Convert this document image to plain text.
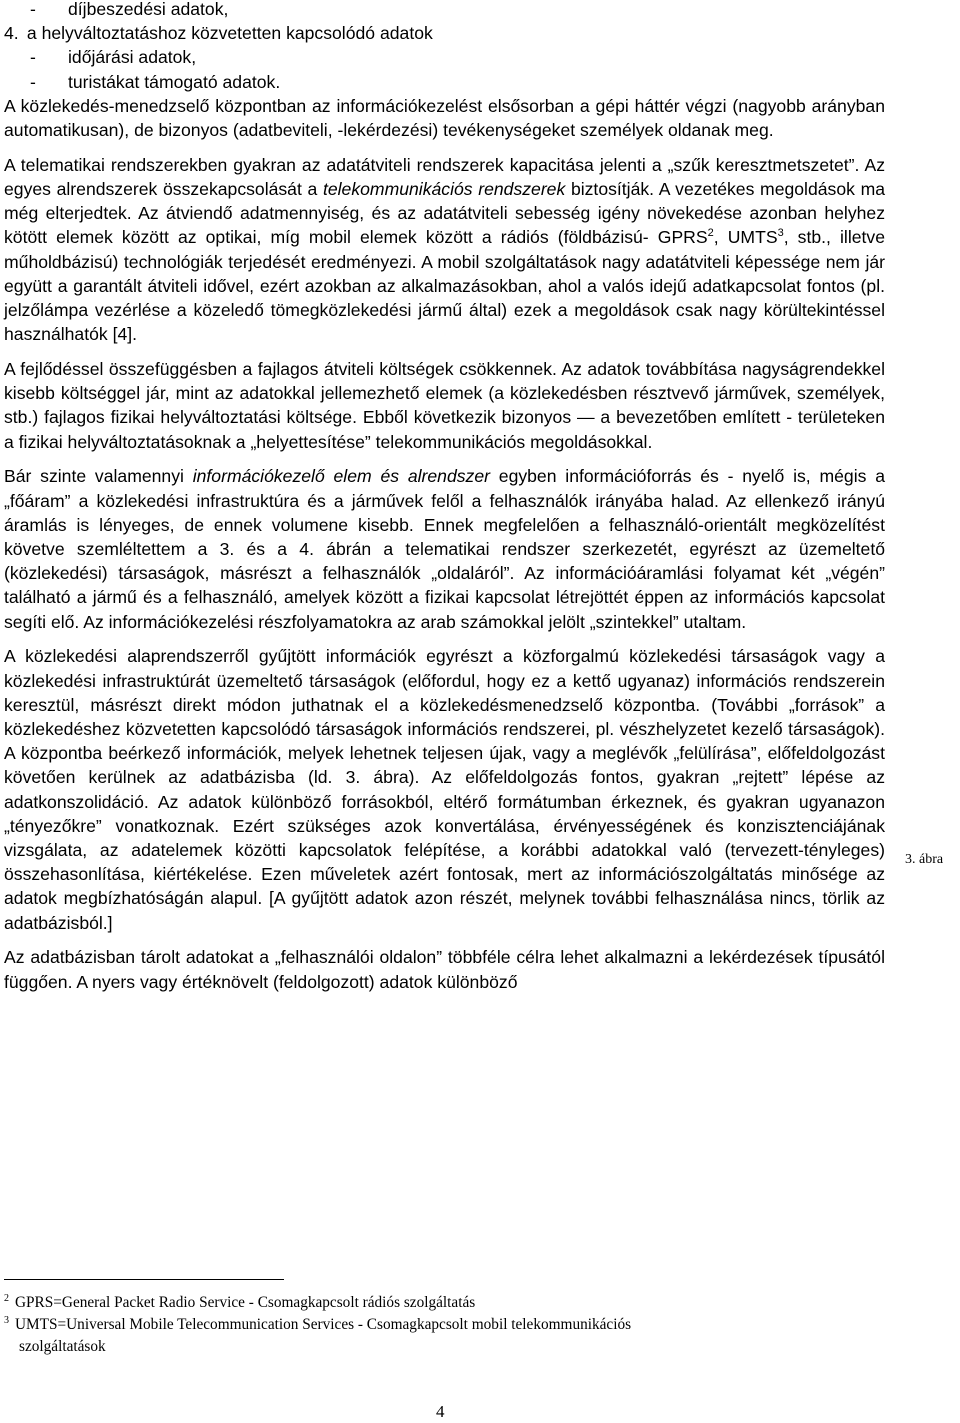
- díjbeszedési adatok,
4. a helyváltoztatáshoz közvetetten kapcsolódó adatok
- időjárási adatok,
- turistákat támogató adatok.

A közlekedés-menedzselő központban az információkezelést elsősorban a gépi háttér végzi (nagyobb arányban automatikusan), de bizonyos (adatbeviteli, -lekérdezési) tevékenységeket személyek oldanak meg.

A telematikai rendszerekben gyakran az adatátviteli rendszerek kapacitása jelenti a „szűk keresztmetszetet”. Az egyes alrendszerek összekapcsolását a telekommunikációs rendszerek biztosítják. A vezetékes megoldások ma még elterjedtek. Az átviendő adatmennyiség, és az adatátviteli sebesség igény növekedése azonban helyhez kötött elemek között az optikai, míg mobil elemek között a rádiós (földbázisú- GPRS$^2$, UMTS$^3$, stb., illetve műholdbázisú) technológiák terjedését eredményezi. A mobil szolgáltatások nagy adatátviteli képessége nem jár együtt a garantált átviteli idővel, ezért azokban az alkalmazásokban, ahol a valós idejű adatkapcsolat fontos (pl. jelzőlámpa vezérlése a közeledő tömegközlekedési jármű által) ezek a megoldások csak nagy körültekintéssel használhatók [4].

A fejlődéssel összefüggésben a fajlagos átviteli költségek csökkennek. Az adatok továbbítása nagyságrendekkel kisebb költséggel jár, mint az adatokkal jellemezhető elemek (a közlekedésben résztvevő járművek, személyek, stb.) fajlagos fizikai helyváltoztatási költsége. Ebből következik bizonyos — a bevezetőben említett - területeken a fizikai helyváltoztatásoknak a „helyettesítése” telekommunikációs megoldásokkal.

Bár szinte valamennyi információkezelő elem és alrendszer egyben információforrás és - nyelő is, mégis a „főáram” a közlekedési infrastruktúra és a járművek felől a felhasználók irányába halad. Az ellenkező irányú áramlás is lényeges, de ennek volumene kisebb. Ennek megfelelően a felhasználó-orientált megközelítést követve szemléltettem a 3. és a 4. ábrán a telematikai rendszer szerkezetét, egyrészt az üzemeltető (közlekedési) társaságok, másrészt a felhasználók „oldaláról”. Az információáramlási folyamat két „végén” található a jármű és a felhasználó, amelyek között a fizikai kapcsolat létrejöttét éppen az információs kapcsolat segíti elő. Az információkezelési részfolyamatokra az arab számokkal jelölt „szintekkel” utaltam.

A közlekedési alaprendszerről gyűjtött információk egyrészt a közforgalmú közlekedési társaságok vagy a közlekedési infrastruktúrát üzemeltető társaságok (előfordul, hogy ez a kettő ugyanaz) információs rendszerein keresztül, másrészt direkt módon juthatnak el a közlekedésmenedzselő központba. (További „források” a közlekedéshez közvetetten kapcsolódó társaságok információs rendszerei, pl. vészhelyzetet kezelő társaságok). A központba beérkező információk, melyek lehetnek teljesen újak, vagy a meglévők „felülírása”, előfeldolgozást követően kerülnek az adatbázisba (ld. 3. ábra). Az előfeldolgozás fontos, gyakran „rejtett” lépése az adatkonszolidáció. Az adatok különböző forrásokból, eltérő formátumban érkeznek, és gyakran ugyanazon „tényezőkre” vonatkoznak. Ezért szükséges azok konvertálása, érvényességének és konzisztenciájának vizsgálata, az adatelemek közötti kapcsolatok felépítése, a korábbi adatokkal való (tervezett-tényleges) összehasonlítása, kiértékelése. Ezen műveletek azért fontosak, mert az információszolgáltatás minősége az adatok megbízhatóságán alapul. [A gyűjtött adatok azon részét, melynek további felhasználása nincs, törlik az adatbázisból.]

Az adatbázisban tárolt adatokat a „felhasználói oldalon” többféle célra lehet alkalmazni a lekérdezések típusától függően. A nyers vagy értéknövelt (feldolgozott) adatok különböző

3. ábra

$^2$ GPRS=General Packet Radio Service - Csomagkapcsolt rádiós szolgáltatás

$^3$ UMTS=Universal Mobile Telecommunication Services - Csomagkapcsolt mobil telekommunikációs

szolgáltatások

4
